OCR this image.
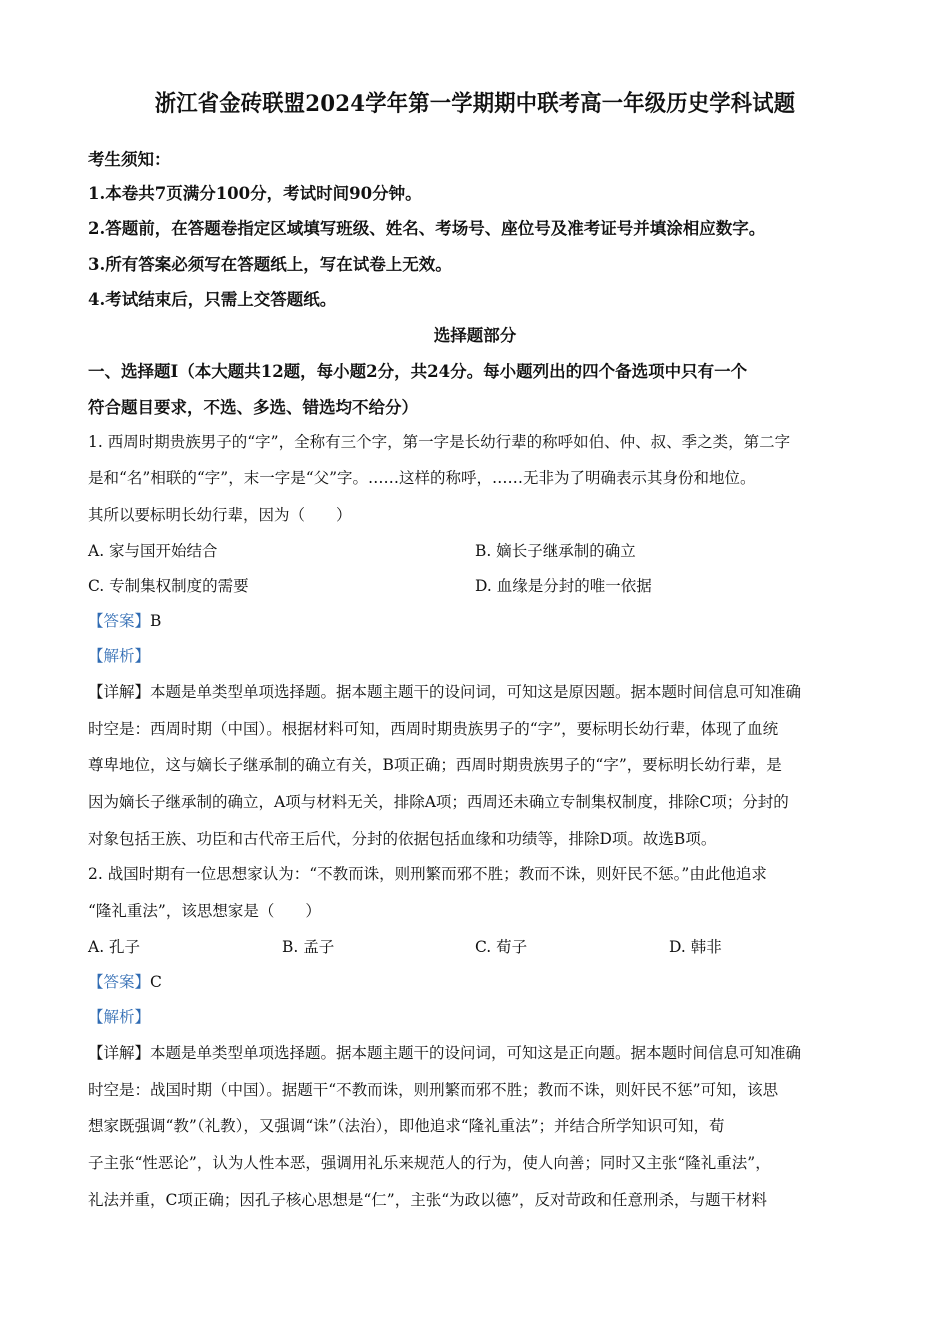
浙江省金砖联盟2024学年第一学期期中联考高一年级历史学科试题
考生须知：
1.本卷共7页满分100分，考试时间90分钟。
2.答题前，在答题卷指定区域填写班级、姓名、考场号、座位号及准考证号并填涂相应数字。
3.所有答案必须写在答题纸上，写在试卷上无效。
4.考试结束后，只需上交答题纸。
选择题部分
一、选择题Ⅰ（本大题共12题，每小题2分，共24分。每小题列出的四个备选项中只有一个
符合题目要求，不选、多选、错选均不给分）
1. 西周时期贵族男子的“字”，全称有三个字，第一字是长幼行辈的称呼如伯、仲、叔、季之类，第二字
是和“名”相联的“字”，末一字是“父”字。……这样的称呼，……无非为了明确表示其身份和地位。
其所以要标明长幼行辈，因为（　　）
A. 家与国开始结合	B. 嫡长子继承制的确立
C. 专制集权制度的需要	D. 血缘是分封的唯一依据
【答案】B
【解析】
【详解】本题是单类型单项选择题。据本题主题干的设问词，可知这是原因题。据本题时间信息可知准确
时空是：西周时期（中国）。根据材料可知，西周时期贵族男子的“字”，要标明长幼行辈，体现了血统
尊卑地位，这与嫡长子继承制的确立有关，B项正确；西周时期贵族男子的“字”，要标明长幼行辈，是
因为嫡长子继承制的确立，A项与材料无关，排除A项；西周还未确立专制集权制度，排除C项；分封的
对象包括王族、功臣和古代帝王后代，分封的依据包括血缘和功绩等，排除D项。故选B项。
2. 战国时期有一位思想家认为：“不教而诛，则刑繁而邪不胜；教而不诛，则奸民不惩。”由此他追求
“隆礼重法”，该思想家是（　　）
A. 孔子	B. 孟子	C. 荀子	D. 韩非
【答案】C
【解析】
【详解】本题是单类型单项选择题。据本题主题干的设问词，可知这是正向题。据本题时间信息可知准确
时空是：战国时期（中国）。据题干“不教而诛，则刑繁而邪不胜；教而不诛，则奸民不惩”可知，该思
想家既强调“教”（礼教），又强调“诛”（法治），即他追求“隆礼重法”；并结合所学知识可知，荀
子主张“性恶论”，认为人性本恶，强调用礼乐来规范人的行为，使人向善；同时又主张“隆礼重法”，
礼法并重，C项正确；因孔子核心思想是“仁”，主张“为政以德”，反对苛政和任意刑杀，与题干材料
